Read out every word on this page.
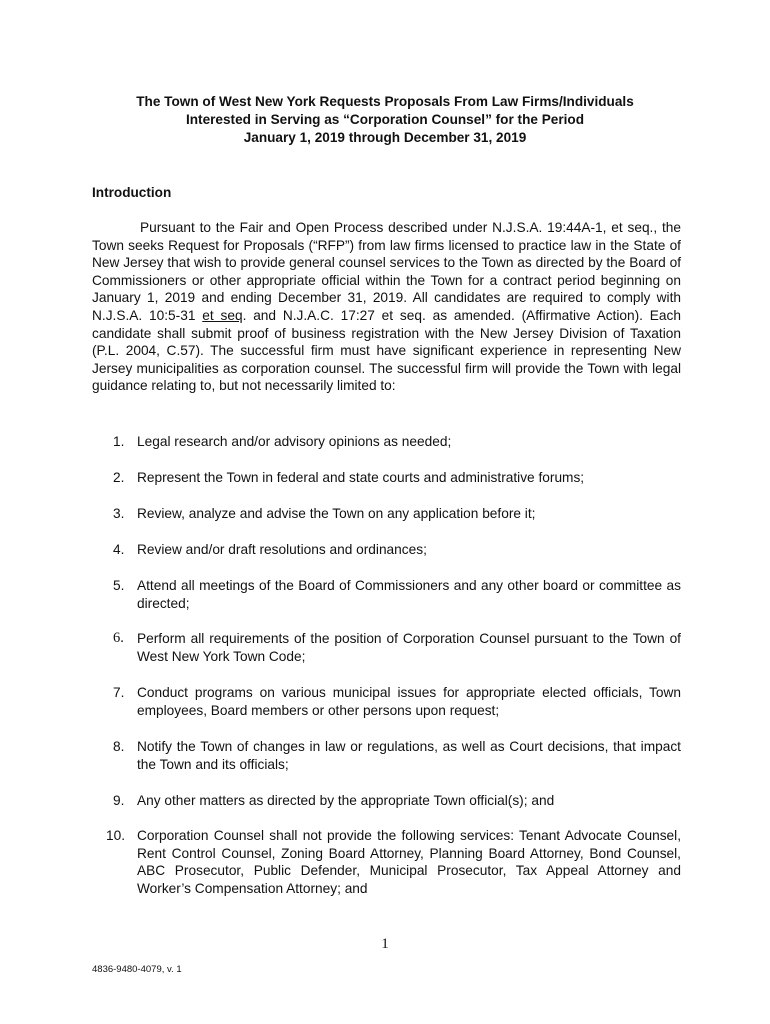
The Town of West New York Requests Proposals From Law Firms/Individuals
Interested in Serving as “Corporation Counsel” for the Period
January 1, 2019 through December 31, 2019
Introduction

Pursuant to the Fair and Open Process described under N.J.S.A. 19:44A-1, et seq., the Town seeks Request for Proposals (“RFP”) from law firms licensed to practice law in the State of New Jersey that wish to provide general counsel services to the Town as directed by the Board of Commissioners or other appropriate official within the Town for a contract period beginning on January 1, 2019 and ending December 31, 2019. All candidates are required to comply with N.J.S.A. 10:5-31 et seq. and N.J.A.C. 17:27 et seq. as amended. (Affirmative Action). Each candidate shall submit proof of business registration with the New Jersey Division of Taxation (P.L. 2004, C.57). The successful firm must have significant experience in representing New Jersey municipalities as corporation counsel. The successful firm will provide the Town with legal guidance relating to, but not necessarily limited to:

1. Legal research and/or advisory opinions as needed;
2. Represent the Town in federal and state courts and administrative forums;
3. Review, analyze and advise the Town on any application before it;
4. Review and/or draft resolutions and ordinances;
5. Attend all meetings of the Board of Commissioners and any other board or committee as directed;
6. Perform all requirements of the position of Corporation Counsel pursuant to the Town of West New York Town Code;
7. Conduct programs on various municipal issues for appropriate elected officials, Town employees, Board members or other persons upon request;
8. Notify the Town of changes in law or regulations, as well as Court decisions, that impact the Town and its officials;
9. Any other matters as directed by the appropriate Town official(s); and
10. Corporation Counsel shall not provide the following services: Tenant Advocate Counsel, Rent Control Counsel, Zoning Board Attorney, Planning Board Attorney, Bond Counsel, ABC Prosecutor, Public Defender, Municipal Prosecutor, Tax Appeal Attorney and Worker’s Compensation Attorney; and
1
4836-9480-4079, v. 1
